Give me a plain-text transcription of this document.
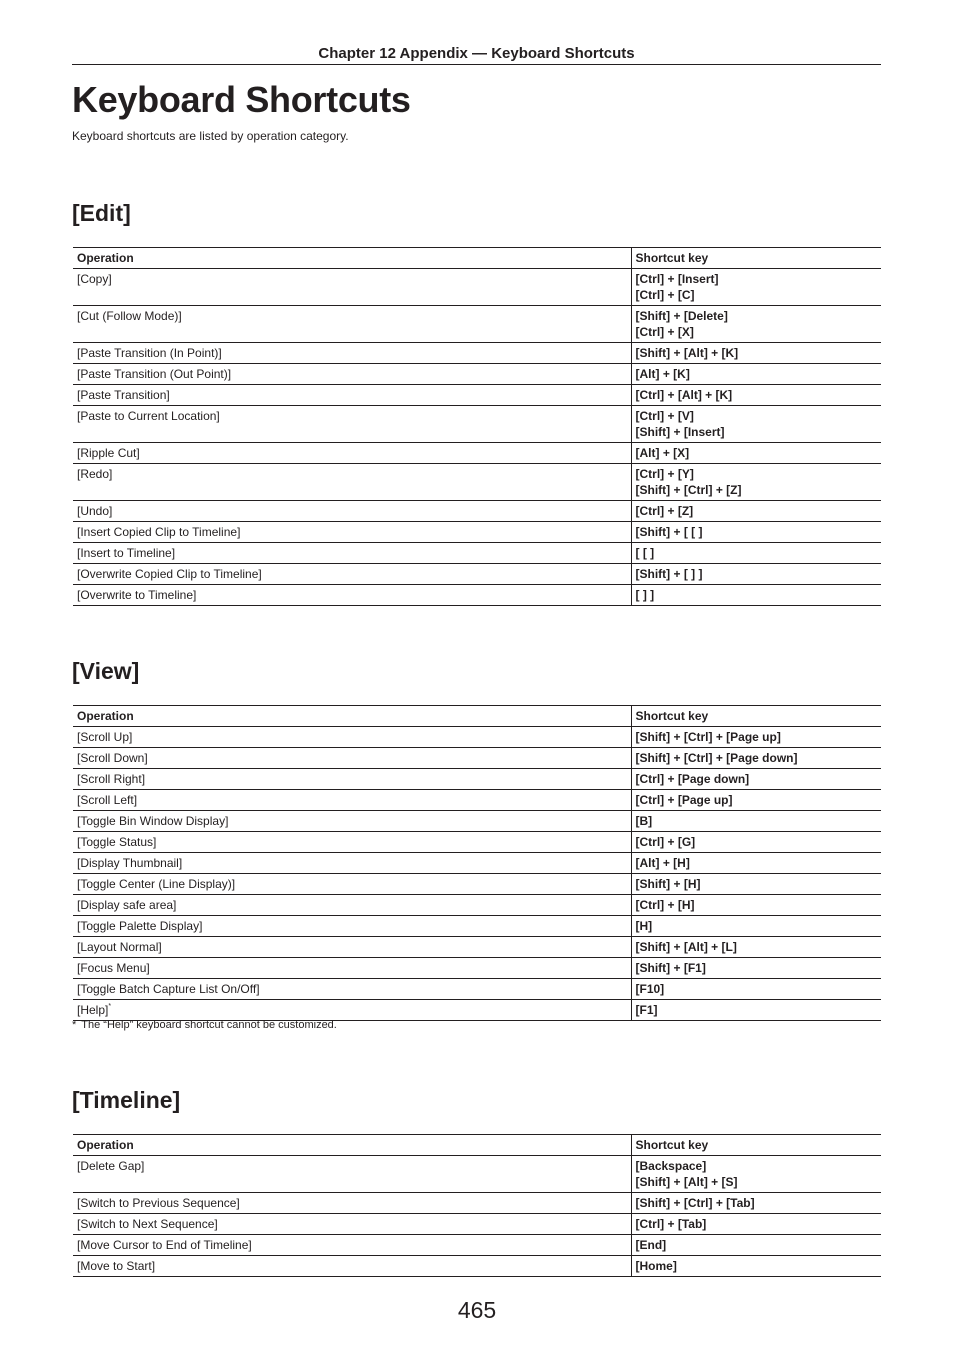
Chapter 12 Appendix — Keyboard Shortcuts
Keyboard Shortcuts

Keyboard shortcuts are listed by operation category.

[Edit]
Operation	Shortcut key
[Copy]	[Ctrl] + [Insert]
[Ctrl] + [C]

[Cut (Follow Mode)]	[Shift] + [Delete]
[Ctrl] + [X]

[Paste Transition (In Point)]	[Shift] + [Alt] + [K]

[Paste Transition (Out Point)]	[Alt] + [K]

[Paste Transition]	[Ctrl] + [Alt] + [K]

[Paste to Current Location]	[Ctrl] + [V]
[Shift] + [Insert]

[Ripple Cut]	[Alt] + [X]

[Redo]	[Ctrl] + [Y]
[Shift] + [Ctrl] + [Z]

[Undo]	[Ctrl] + [Z]

[Insert Copied Clip to Timeline]	[Shift] + [ [ ]

[Insert to Timeline]	[ [ ]

[Overwrite Copied Clip to Timeline]	[Shift] + [ ] ]

[Overwrite to Timeline]	[ ] ]
[View]
Operation	Shortcut key
[Scroll Up]	[Shift] + [Ctrl] + [Page up]

[Scroll Down]	[Shift] + [Ctrl] + [Page down]

[Scroll Right]	[Ctrl] + [Page down]

[Scroll Left]	[Ctrl] + [Page up]

[Toggle Bin Window Display]	[B]

[Toggle Status]	[Ctrl] + [G]

[Display Thumbnail]	[Alt] + [H]

[Toggle Center (Line Display)]	[Shift] + [H]

[Display safe area]	[Ctrl] + [H]

[Toggle Palette Display]	[H]

[Layout Normal]	[Shift] + [Alt] + [L]

[Focus Menu]	[Shift] + [F1]

[Toggle Batch Capture List On/Off]	[F10]

[Help]*	[F1]

* The “Help” keyboard shortcut cannot be customized.

[Timeline]
Operation	Shortcut key
[Delete Gap]	[Backspace]
[Shift] + [Alt] + [S]

[Switch to Previous Sequence]	[Shift] + [Ctrl] + [Tab]

[Switch to Next Sequence]	[Ctrl] + [Tab]

[Move Cursor to End of Timeline]	[End]

[Move to Start]	[Home]
465
